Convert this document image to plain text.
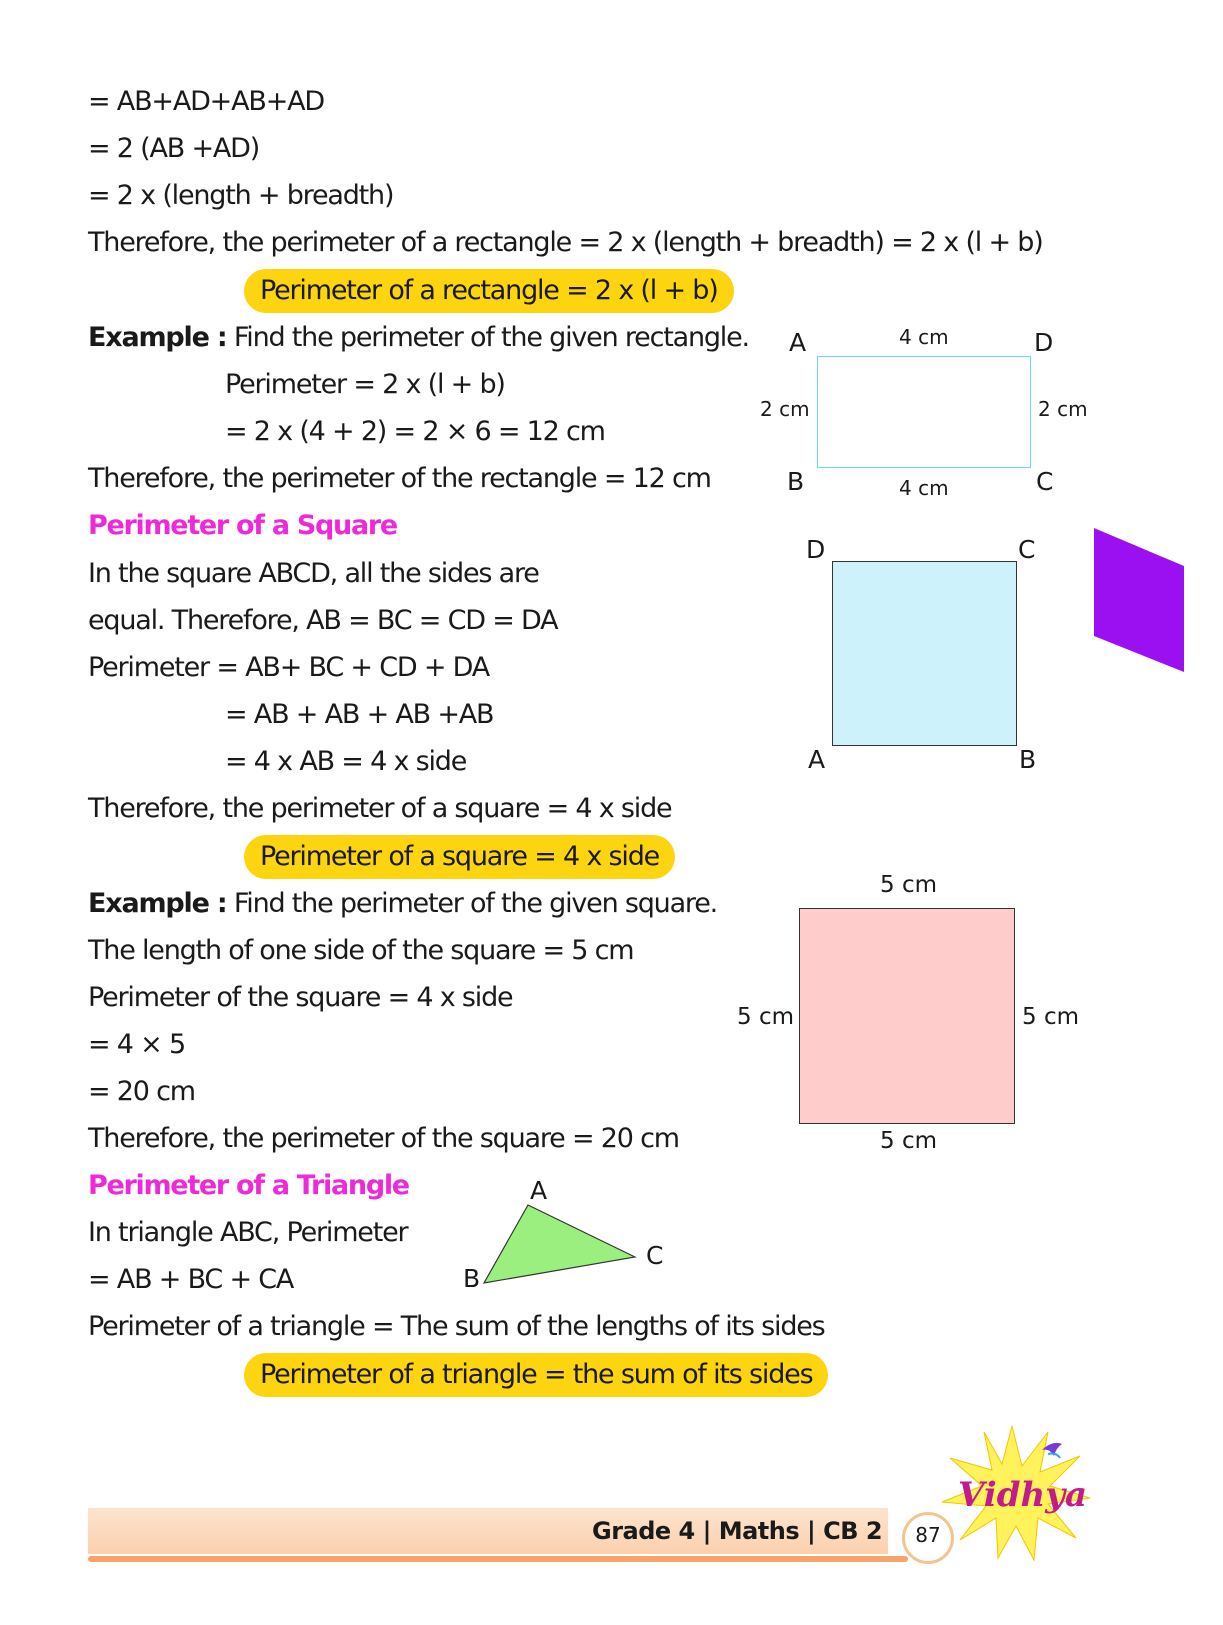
= AB+AD+AB+AD
= 2 (AB +AD)
= 2 x (length + breadth)
Therefore, the perimeter of a rectangle = 2 x (length + breadth) = 2 x (l + b)
Perimeter of a rectangle = 2 x (l + b)
Example : Find the perimeter of the given rectangle.
Perimeter = 2 x (l + b)
= 2 x (4 + 2) = 2 × 6 = 12 cm
Therefore, the perimeter of the rectangle = 12 cm
A	D
B	C
4 cm
4 cm
2 cm	2 cm
Perimeter of a Square
In the square ABCD, all the sides are
equal. Therefore, AB = BC = CD = DA
Perimeter = AB+ BC + CD + DA
= AB + AB + AB +AB
= 4 x AB = 4 x side
Therefore, the perimeter of a square = 4 x side
Perimeter of a square = 4 x side
D	C
A	B
Example : Find the perimeter of the given square.
The length of one side of the square = 5 cm
Perimeter of the square = 4 x side
= 4 × 5
= 20 cm
Therefore, the perimeter of the square = 20 cm
5 cm
5 cm
5 cm	5 cm
Perimeter of a Triangle
In triangle ABC, Perimeter
= AB + BC + CA
Perimeter of a triangle = The sum of the lengths of its sides
Perimeter of a triangle = the sum of its sides
A
B
C
Grade 4 | Maths | CB 2	87
Vidhya
